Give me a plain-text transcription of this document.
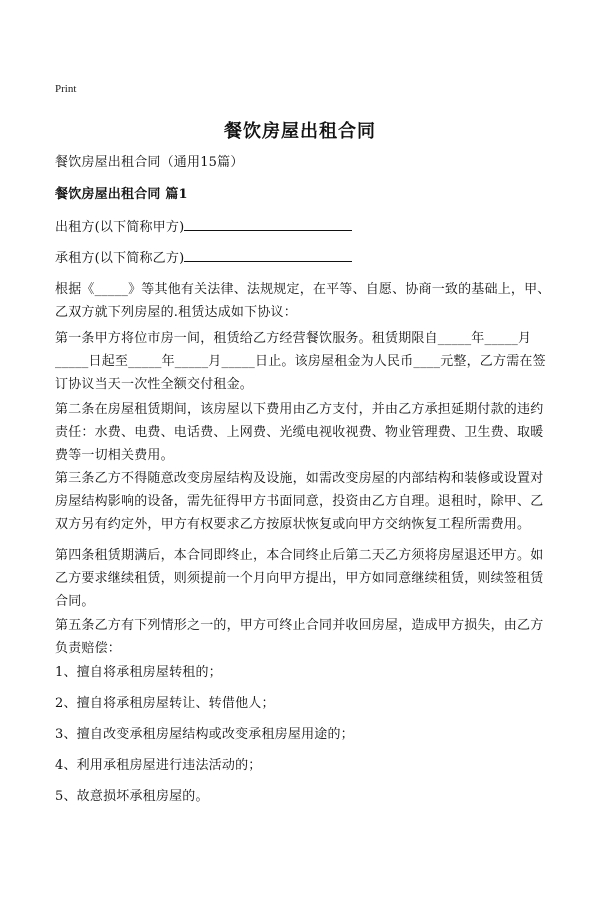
Print
餐饮房屋出租合同
餐饮房屋出租合同（通用15篇）
餐饮房屋出租合同 篇1
出租方(以下简称甲方)
承租方(以下简称乙方)
根据《_____》等其他有关法律、法规规定，在平等、自愿、协商一致的基础上，甲、乙双方就下列房屋的.租赁达成如下协议：
第一条甲方将位市房一间，租赁给乙方经营餐饮服务。租赁期限自_____年_____月_____日起至_____年_____月_____日止。该房屋租金为人民币____元整，乙方需在签订协议当天一次性全额交付租金。
第二条在房屋租赁期间，该房屋以下费用由乙方支付，并由乙方承担延期付款的违约责任：水费、电费、电话费、上网费、光缆电视收视费、物业管理费、卫生费、取暖费等一切相关费用。
第三条乙方不得随意改变房屋结构及设施，如需改变房屋的内部结构和装修或设置对房屋结构影响的设备，需先征得甲方书面同意，投资由乙方自理。退租时，除甲、乙双方另有约定外，甲方有权要求乙方按原状恢复或向甲方交纳恢复工程所需费用。
第四条租赁期满后，本合同即终止，本合同终止后第二天乙方须将房屋退还甲方。如乙方要求继续租赁，则须提前一个月向甲方提出，甲方如同意继续租赁，则续签租赁合同。
第五条乙方有下列情形之一的，甲方可终止合同并收回房屋，造成甲方损失，由乙方负责赔偿：
1、擅自将承租房屋转租的；
2、擅自将承租房屋转让、转借他人；
3、擅自改变承租房屋结构或改变承租房屋用途的；
4、利用承租房屋进行违法活动的；
5、故意损坏承租房屋的。
